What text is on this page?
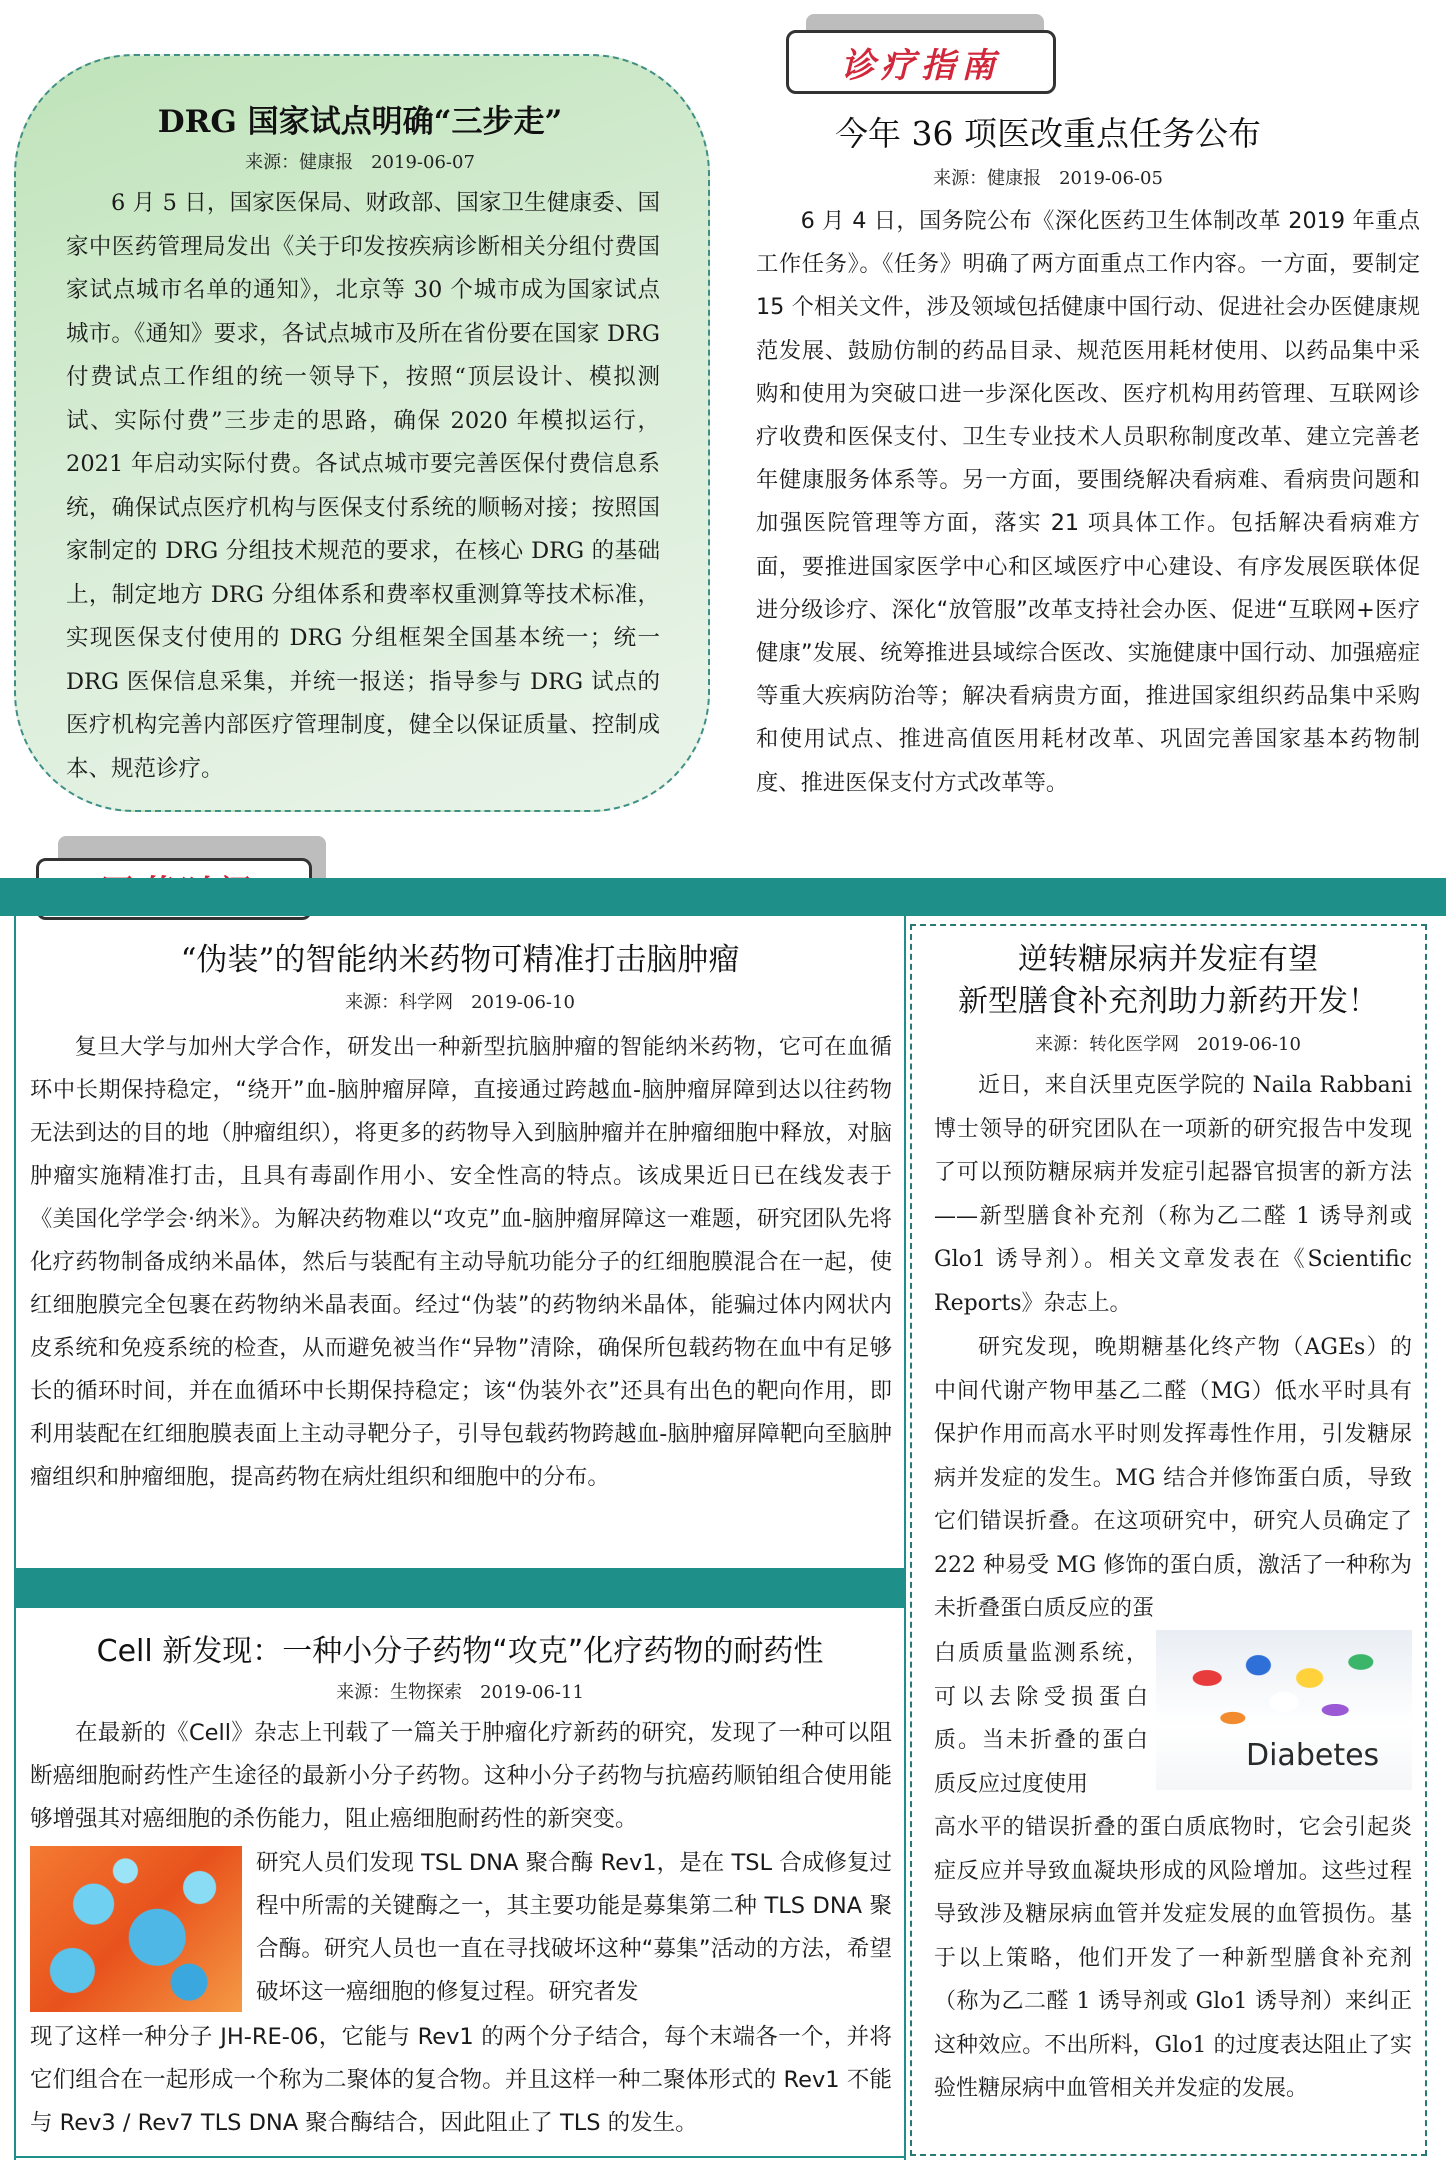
诊疗指南
DRG 国家试点明确“三步走”
来源：健康报　2019-06-07

6 月 5 日，国家医保局、财政部、国家卫生健康委、国家中医药管理局发出《关于印发按疾病诊断相关分组付费国家试点城市名单的通知》，北京等 30 个城市成为国家试点城市。《通知》要求，各试点城市及所在省份要在国家 DRG 付费试点工作组的统一领导下，按照“顶层设计、模拟测试、实际付费”三步走的思路，确保 2020 年模拟运行，2021 年启动实际付费。各试点城市要完善医保付费信息系统，确保试点医疗机构与医保支付系统的顺畅对接；按照国家制定的 DRG 分组技术规范的要求，在核心 DRG 的基础上，制定地方 DRG 分组体系和费率权重测算等技术标准，实现医保支付使用的 DRG 分组框架全国基本统一；统一 DRG 医保信息采集，并统一报送；指导参与 DRG 试点的医疗机构完善内部医疗管理制度，健全以保证质量、控制成本、规范诊疗。

今年 36 项医改重点任务公布
来源：健康报　2019-06-05

6 月 4 日，国务院公布《深化医药卫生体制改革 2019 年重点工作任务》。《任务》明确了两方面重点工作内容。一方面，要制定 15 个相关文件，涉及领域包括健康中国行动、促进社会办医健康规范发展、鼓励仿制的药品目录、规范医用耗材使用、以药品集中采购和使用为突破口进一步深化医改、医疗机构用药管理、互联网诊疗收费和医保支付、卫生专业技术人员职称制度改革、建立完善老年健康服务体系等。另一方面，要围绕解决看病难、看病贵问题和加强医院管理等方面，落实 21 项具体工作。包括解决看病难方面，要推进国家医学中心和区域医疗中心建设、有序发展医联体促进分级诊疗、深化“放管服”改革支持社会办医、促进“互联网+医疗健康”发展、统筹推进县域综合医改、实施健康中国行动、加强癌症等重大疾病防治等；解决看病贵方面，推进国家组织药品集中采购和使用试点、推进高值医用耗材改革、巩固完善国家基本药物制度、推进医保支付方式改革等。

“伪装”的智能纳米药物可精准打击脑肿瘤
来源：科学网　2019-06-10

复旦大学与加州大学合作，研发出一种新型抗脑肿瘤的智能纳米药物，它可在血循环中长期保持稳定，“绕开”血-脑肿瘤屏障，直接通过跨越血-脑肿瘤屏障到达以往药物无法到达的目的地（肿瘤组织），将更多的药物导入到脑肿瘤并在肿瘤细胞中释放，对脑肿瘤实施精准打击，且具有毒副作用小、安全性高的特点。该成果近日已在线发表于《美国化学学会·纳米》。为解决药物难以“攻克”血-脑肿瘤屏障这一难题，研究团队先将化疗药物制备成纳米晶体，然后与装配有主动导航功能分子的红细胞膜混合在一起，使红细胞膜完全包裹在药物纳米晶表面。经过“伪装”的药物纳米晶体，能骗过体内网状内皮系统和免疫系统的检查，从而避免被当作“异物”清除，确保所包载药物在血中有足够长的循环时间，并在血循环中长期保持稳定；该“伪装外衣”还具有出色的靶向作用，即利用装配在红细胞膜表面上主动寻靶分子，引导包载药物跨越血-脑肿瘤屏障靶向至脑肿瘤组织和肿瘤细胞，提高药物在病灶组织和细胞中的分布。

Cell 新发现：一种小分子药物“攻克”化疗药物的耐药性
来源：生物探索　2019-06-11

在最新的《Cell》杂志上刊载了一篇关于肿瘤化疗新药的研究，发现了一种可以阻断癌细胞耐药性产生途径的最新小分子药物。这种小分子药物与抗癌药顺铂组合使用能够增强其对癌细胞的杀伤能力，阻止癌细胞耐药性的新突变。

研究人员们发现 TSL DNA 聚合酶 Rev1，是在 TSL 合成修复过程中所需的关键酶之一，其主要功能是募集第二种 TLS DNA 聚合酶。研究人员也一直在寻找破坏这种“募集”活动的方法，希望破坏这一癌细胞的修复过程。研究者发

现了这样一种分子 JH-RE-06，它能与 Rev1 的两个分子结合，每个末端各一个，并将它们组合在一起形成一个称为二聚体的复合物。并且这样一种二聚体形式的 Rev1 不能与 Rev3 / Rev7 TLS DNA 聚合酶结合，因此阻止了 TLS 的发生。

逆转糖尿病并发症有望
新型膳食补充剂助力新药开发！
来源：转化医学网　2019-06-10

近日，来自沃里克医学院的 Naila Rabbani 博士领导的研究团队在一项新的研究报告中发现了可以预防糖尿病并发症引起器官损害的新方法——新型膳食补充剂（称为乙二醛 1 诱导剂或 Glo1 诱导剂）。相关文章发表在《Scientific Reports》杂志上。

研究发现，晚期糖基化终产物（AGEs）的中间代谢产物甲基乙二醛（MG）低水平时具有保护作用而高水平时则发挥毒性作用，引发糖尿病并发症的发生。MG 结合并修饰蛋白质，导致它们错误折叠。在这项研究中，研究人员确定了 222 种易受 MG 修饰的蛋白质，激活了一种称为未折叠蛋白质反应的蛋

白质质量监测系统，可以去除受损蛋白质。当未折叠的蛋白质反应过度使用

Diabetes

高水平的错误折叠的蛋白质底物时，它会引起炎症反应并导致血凝块形成的风险增加。这些过程导致涉及糖尿病血管并发症发展的血管损伤。基于以上策略，他们开发了一种新型膳食补充剂（称为乙二醛 1 诱导剂或 Glo1 诱导剂）来纠正这种效应。不出所料，Glo1 的过度表达阻止了实验性糖尿病中血管相关并发症的发展。
